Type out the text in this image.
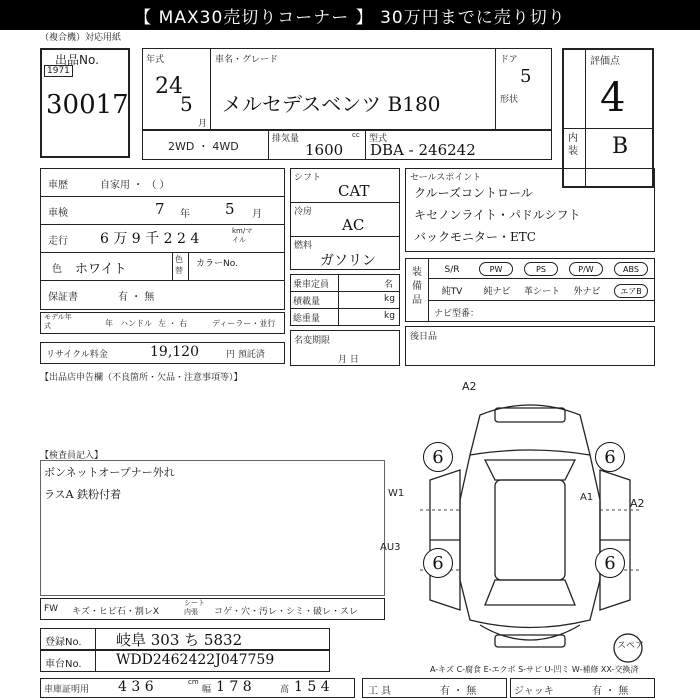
【 MAX30売切りコーナー 】 30万円までに売り切り
（複合機）対応用紙
出品No.
1971
30017
年式
24
5
月
車名・グレード
メルセデスベンツ B180
ドア
5
形状
評価点
4
内装 B
2WD ・ 4WD
排気量	cc
1600
型式
DBA - 246242
車歴	自家用 ・ （ ）
車検	7 年 5 月
走行 6 万 9 千 2 2 4	km/マイル
色 ホワイト
色替
カラーNo.
保証書	有 ・ 無
モデル年式	年 ハンドル 左 ・ 右	ディーラー・並行
リサイクル料金	19,120	円 預託済
【出品店申告欄（不良箇所・欠品・注意事項等）】
シフト
CAT
冷房
AC
燃料
ガソリン
乗車定員	名
積載量	kg
総重量	kg
名変期限
月 日
セールスポイント
クルーズコントロール
キセノンライト・パドルシフト
バックモニター・ETC
装備品
S/R	PW	PS	P/W	ABS
純TV	純ナビ	革シート	外ナビ	エアB
ナビ型番：
後日品
【検査員記入】
ボンネットオープナー外れ
ラスA 鉄粉付着
A2
W1	A1	A2
AU3
6	6
6	6
スペア
FW キズ・ヒビ石・割レX
シート内張	コゲ・穴・汚レ・シミ・破レ・スレ
登録No. 岐阜 303 ち 5832
車台No. WDD2462422J047759
A-キズ C-腐食 E-エクボ S-サビ U-凹ミ W-補修 XX-交換済
車庫証明用 4 3 6	cm
幅 1 7 8	高 1 5 4	工 具	有 ・ 無	ジャッキ	有 ・ 無
